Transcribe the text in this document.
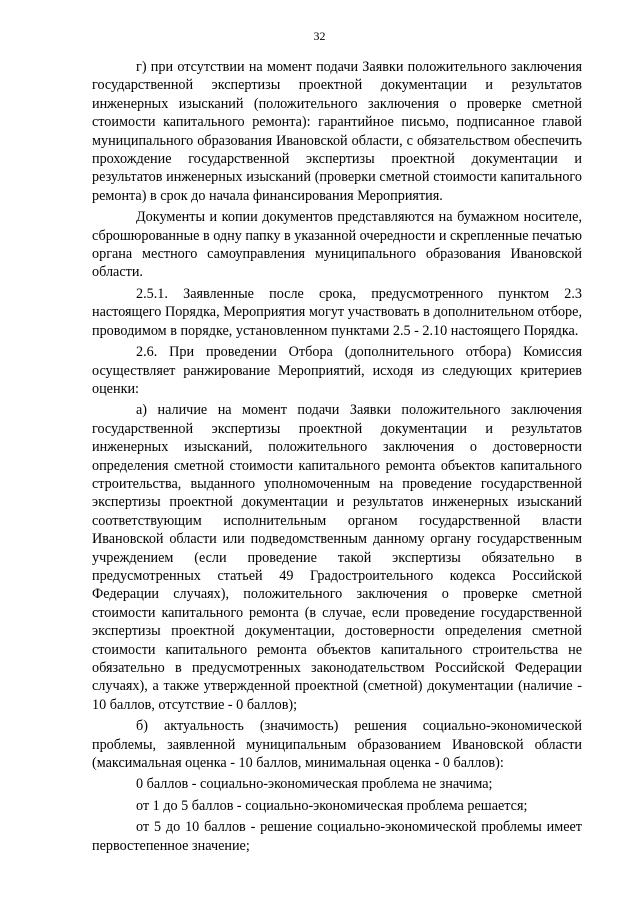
32

г) при отсутствии на момент подачи Заявки положительного заключения государственной экспертизы проектной документации и результатов инженерных изысканий (положительного заключения о проверке сметной стоимости капитального ремонта): гарантийное письмо, подписанное главой муниципального образования Ивановской области, с обязательством обеспечить прохождение государственной экспертизы проектной документации и результатов инженерных изысканий (проверки сметной стоимости капитального ремонта) в срок до начала финансирования Мероприятия.

Документы и копии документов представляются на бумажном носителе, сброшюрованные в одну папку в указанной очередности и скрепленные печатью органа местного самоуправления муниципального образования Ивановской области.

2.5.1. Заявленные после срока, предусмотренного пунктом 2.3 настоящего Порядка, Мероприятия могут участвовать в дополнительном отборе, проводимом в порядке, установленном пунктами 2.5 - 2.10 настоящего Порядка.

2.6. При проведении Отбора (дополнительного отбора) Комиссия осуществляет ранжирование Мероприятий, исходя из следующих критериев оценки:

а) наличие на момент подачи Заявки положительного заключения государственной экспертизы проектной документации и результатов инженерных изысканий, положительного заключения о достоверности определения сметной стоимости капитального ремонта объектов капитального строительства, выданного уполномоченным на проведение государственной экспертизы проектной документации и результатов инженерных изысканий соответствующим исполнительным органом государственной власти Ивановской области или подведомственным данному органу государственным учреждением (если проведение такой экспертизы обязательно в предусмотренных статьей 49 Градостроительного кодекса Российской Федерации случаях), положительного заключения о проверке сметной стоимости капитального ремонта (в случае, если проведение государственной экспертизы проектной документации, достоверности определения сметной стоимости капитального ремонта объектов капитального строительства не обязательно в предусмотренных законодательством Российской Федерации случаях), а также утвержденной проектной (сметной) документации (наличие - 10 баллов, отсутствие - 0 баллов);

б) актуальность (значимость) решения социально-экономической проблемы, заявленной муниципальным образованием Ивановской области (максимальная оценка - 10 баллов, минимальная оценка - 0 баллов):

0 баллов - социально-экономическая проблема не значима;

от 1 до 5 баллов - социально-экономическая проблема решается;

от 5 до 10 баллов - решение социально-экономической проблемы имеет первостепенное значение;
